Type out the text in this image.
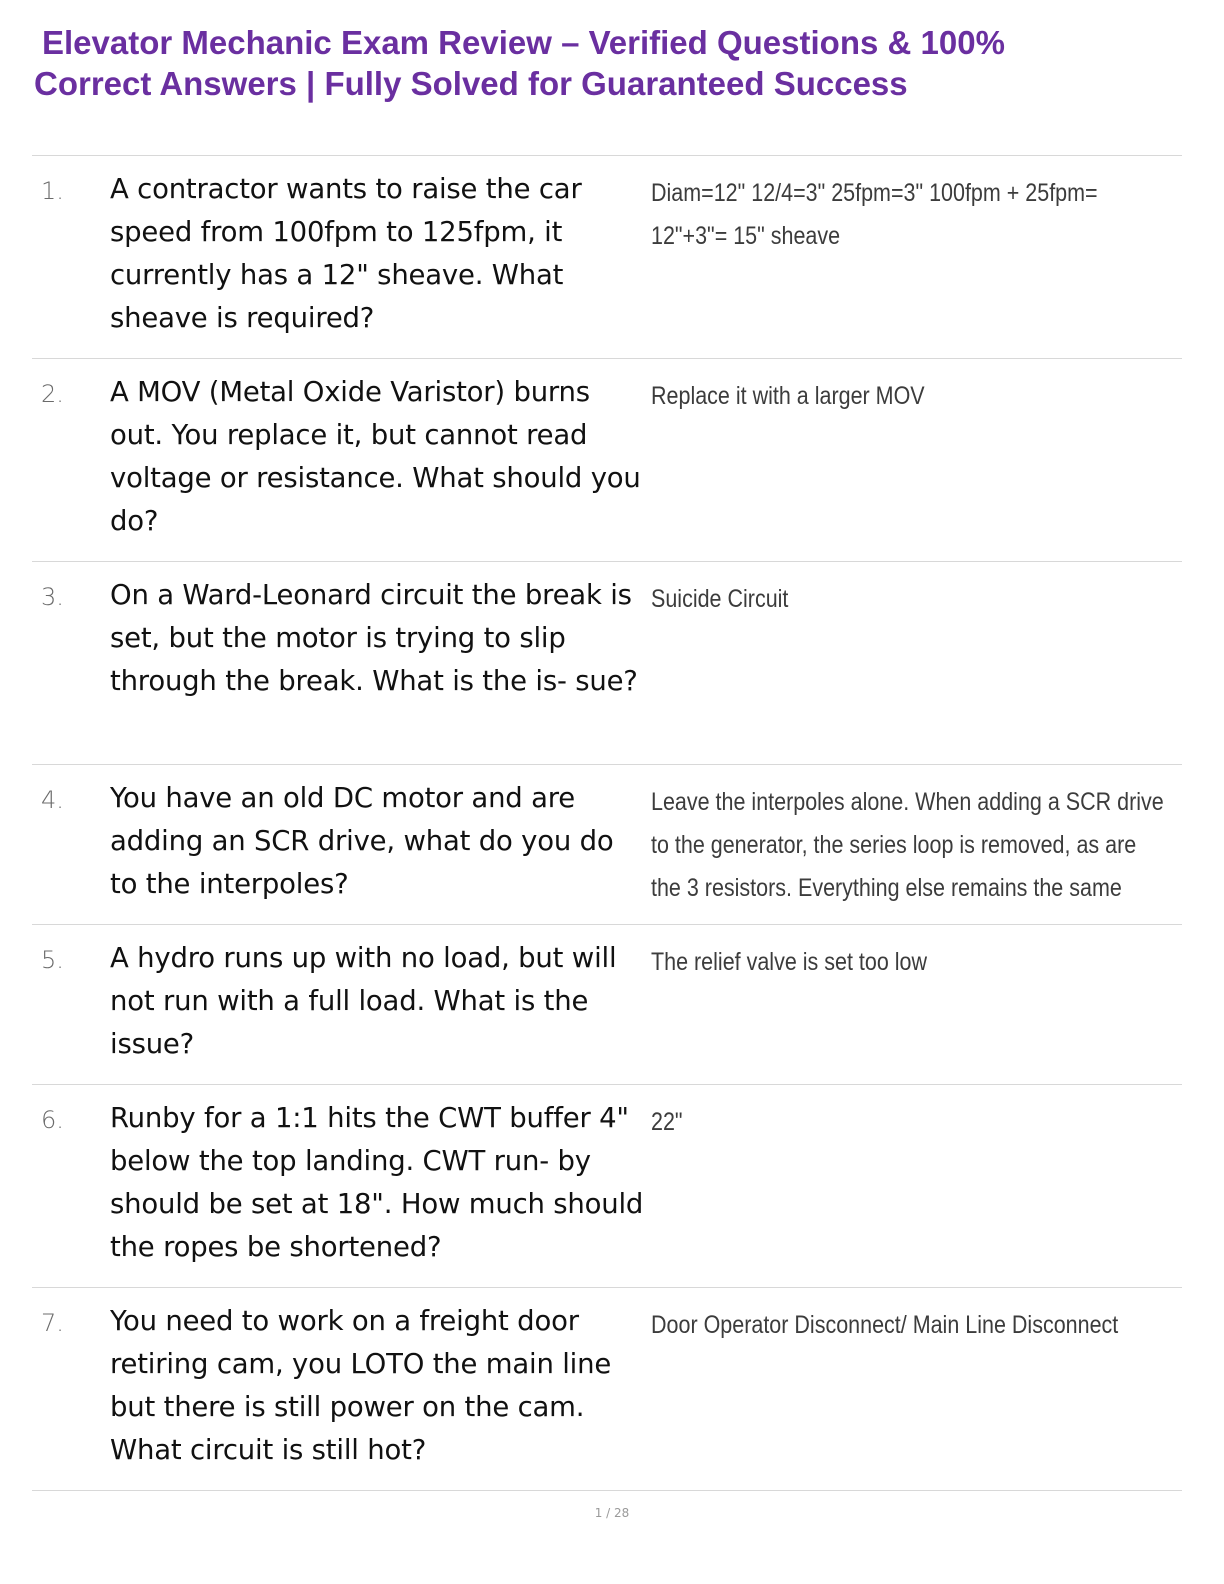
Elevator Mechanic Exam Review – Verified Questions & 100%
Correct Answers | Fully Solved for Guaranteed Success
1. A contractor wants to raise the car speed from 100fpm to 125fpm, it currently has a 12" sheave. What sheave is required?
Diam=12" 12/4=3" 25fpm=3" 100fpm + 25fpm= 12"+3"= 15" sheave
2. A MOV (Metal Oxide Varistor) burns out. You replace it, but cannot read voltage or resistance. What should you do?
Replace it with a larger MOV
3. On a Ward-Leonard circuit the break is set, but the motor is trying to slip through the break. What is the is- sue?
Suicide Circuit
4. You have an old DC motor and are adding an SCR drive, what do you do to the interpoles?
Leave the interpoles alone. When adding a SCR drive to the generator, the series loop is removed, as are the 3 resistors. Everything else remains the same
5. A hydro runs up with no load, but will not run with a full load. What is the issue?
The relief valve is set too low
6. Runby for a 1:1 hits the CWT buffer 4" below the top landing. CWT run- by should be set at 18". How much should the ropes be shortened?
22"
7. You need to work on a freight door retiring cam, you LOTO the main line but there is still power on the cam. What circuit is still hot?
Door Operator Disconnect/ Main Line Disconnect
1 / 28
